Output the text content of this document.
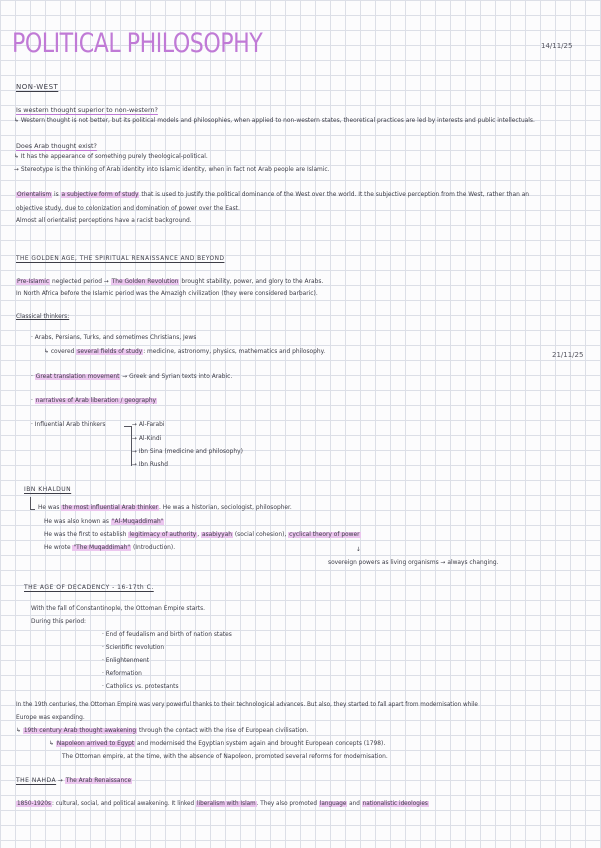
POLITICAL PHILOSOPHY	14/11/25
NON-WEST
Is western thought superior to non-western?
↳ Western thought is not better, but its political models and philosophies, when applied to non-western states, theoretical practices are led by interests and public intellectuals.
Does Arab thought exist?
↳ It has the appearance of something purely theological-political.
→ Stereotype is the thinking of Arab identity into Islamic identity, when in fact not Arab people are Islamic.
Orientalism is a subjective form of study that is used to justify the political dominance of the West over the world. It the subjective perception from the West, rather than an
objective study, due to colonization and domination of power over the East.
Almost all orientalist perceptions have a racist background.
THE GOLDEN AGE, THE SPIRITUAL RENAISSANCE AND BEYOND
Pre-Islamic neglected period → The Golden Revolution brought stability, power, and glory to the Arabs.
In North Africa before the Islamic period was the Amazigh civilization (they were considered barbaric).
Classical thinkers:
· Arabs, Persians, Turks, and sometimes Christians, Jews
↳ covered several fields of study: medicine, astronomy, physics, mathematics and philosophy.	21/11/25
· Great translation movement → Greek and Syrian texts into Arabic.
· narratives of Arab liberation / geography
· Influential Arab thinkers	→ Al-Farabi
→ Al-Kindi
→ Ibn Sina (medicine and philosophy)
→ Ibn Rushd
IBN KHALDUN
He was the most influential Arab thinker. He was a historian, sociologist, philosopher.
He was also known as "Al-Muqaddimah"
He was the first to establish legitimacy of authority, asabiyyah (social cohesion), cyclical theory of power
He wrote "The Muqaddimah" (Introduction).	↓
sovereign powers as living organisms → always changing.
THE AGE OF DECADENCY - 16-17th C.
With the fall of Constantinople, the Ottoman Empire starts.
During this period:
· End of feudalism and birth of nation states
· Scientific revolution
· Enlightenment
· Reformation
· Catholics vs. protestants
In the 19th centuries, the Ottoman Empire was very powerful thanks to their technological advances. But also, they started to fall apart from modernisation while
Europe was expanding.
↳ 19th century Arab thought awakening through the contact with the rise of European civilisation.
↳ Napoleon arrived to Egypt and modernised the Egyptian system again and brought European concepts (1798).
The Ottoman empire, at the time, with the absence of Napoleon, promoted several reforms for modernisation.
THE NAHDA → The Arab Renaissance
1850-1920s: cultural, social, and political awakening. It linked liberalism with Islam. They also promoted language and nationalistic ideologies
